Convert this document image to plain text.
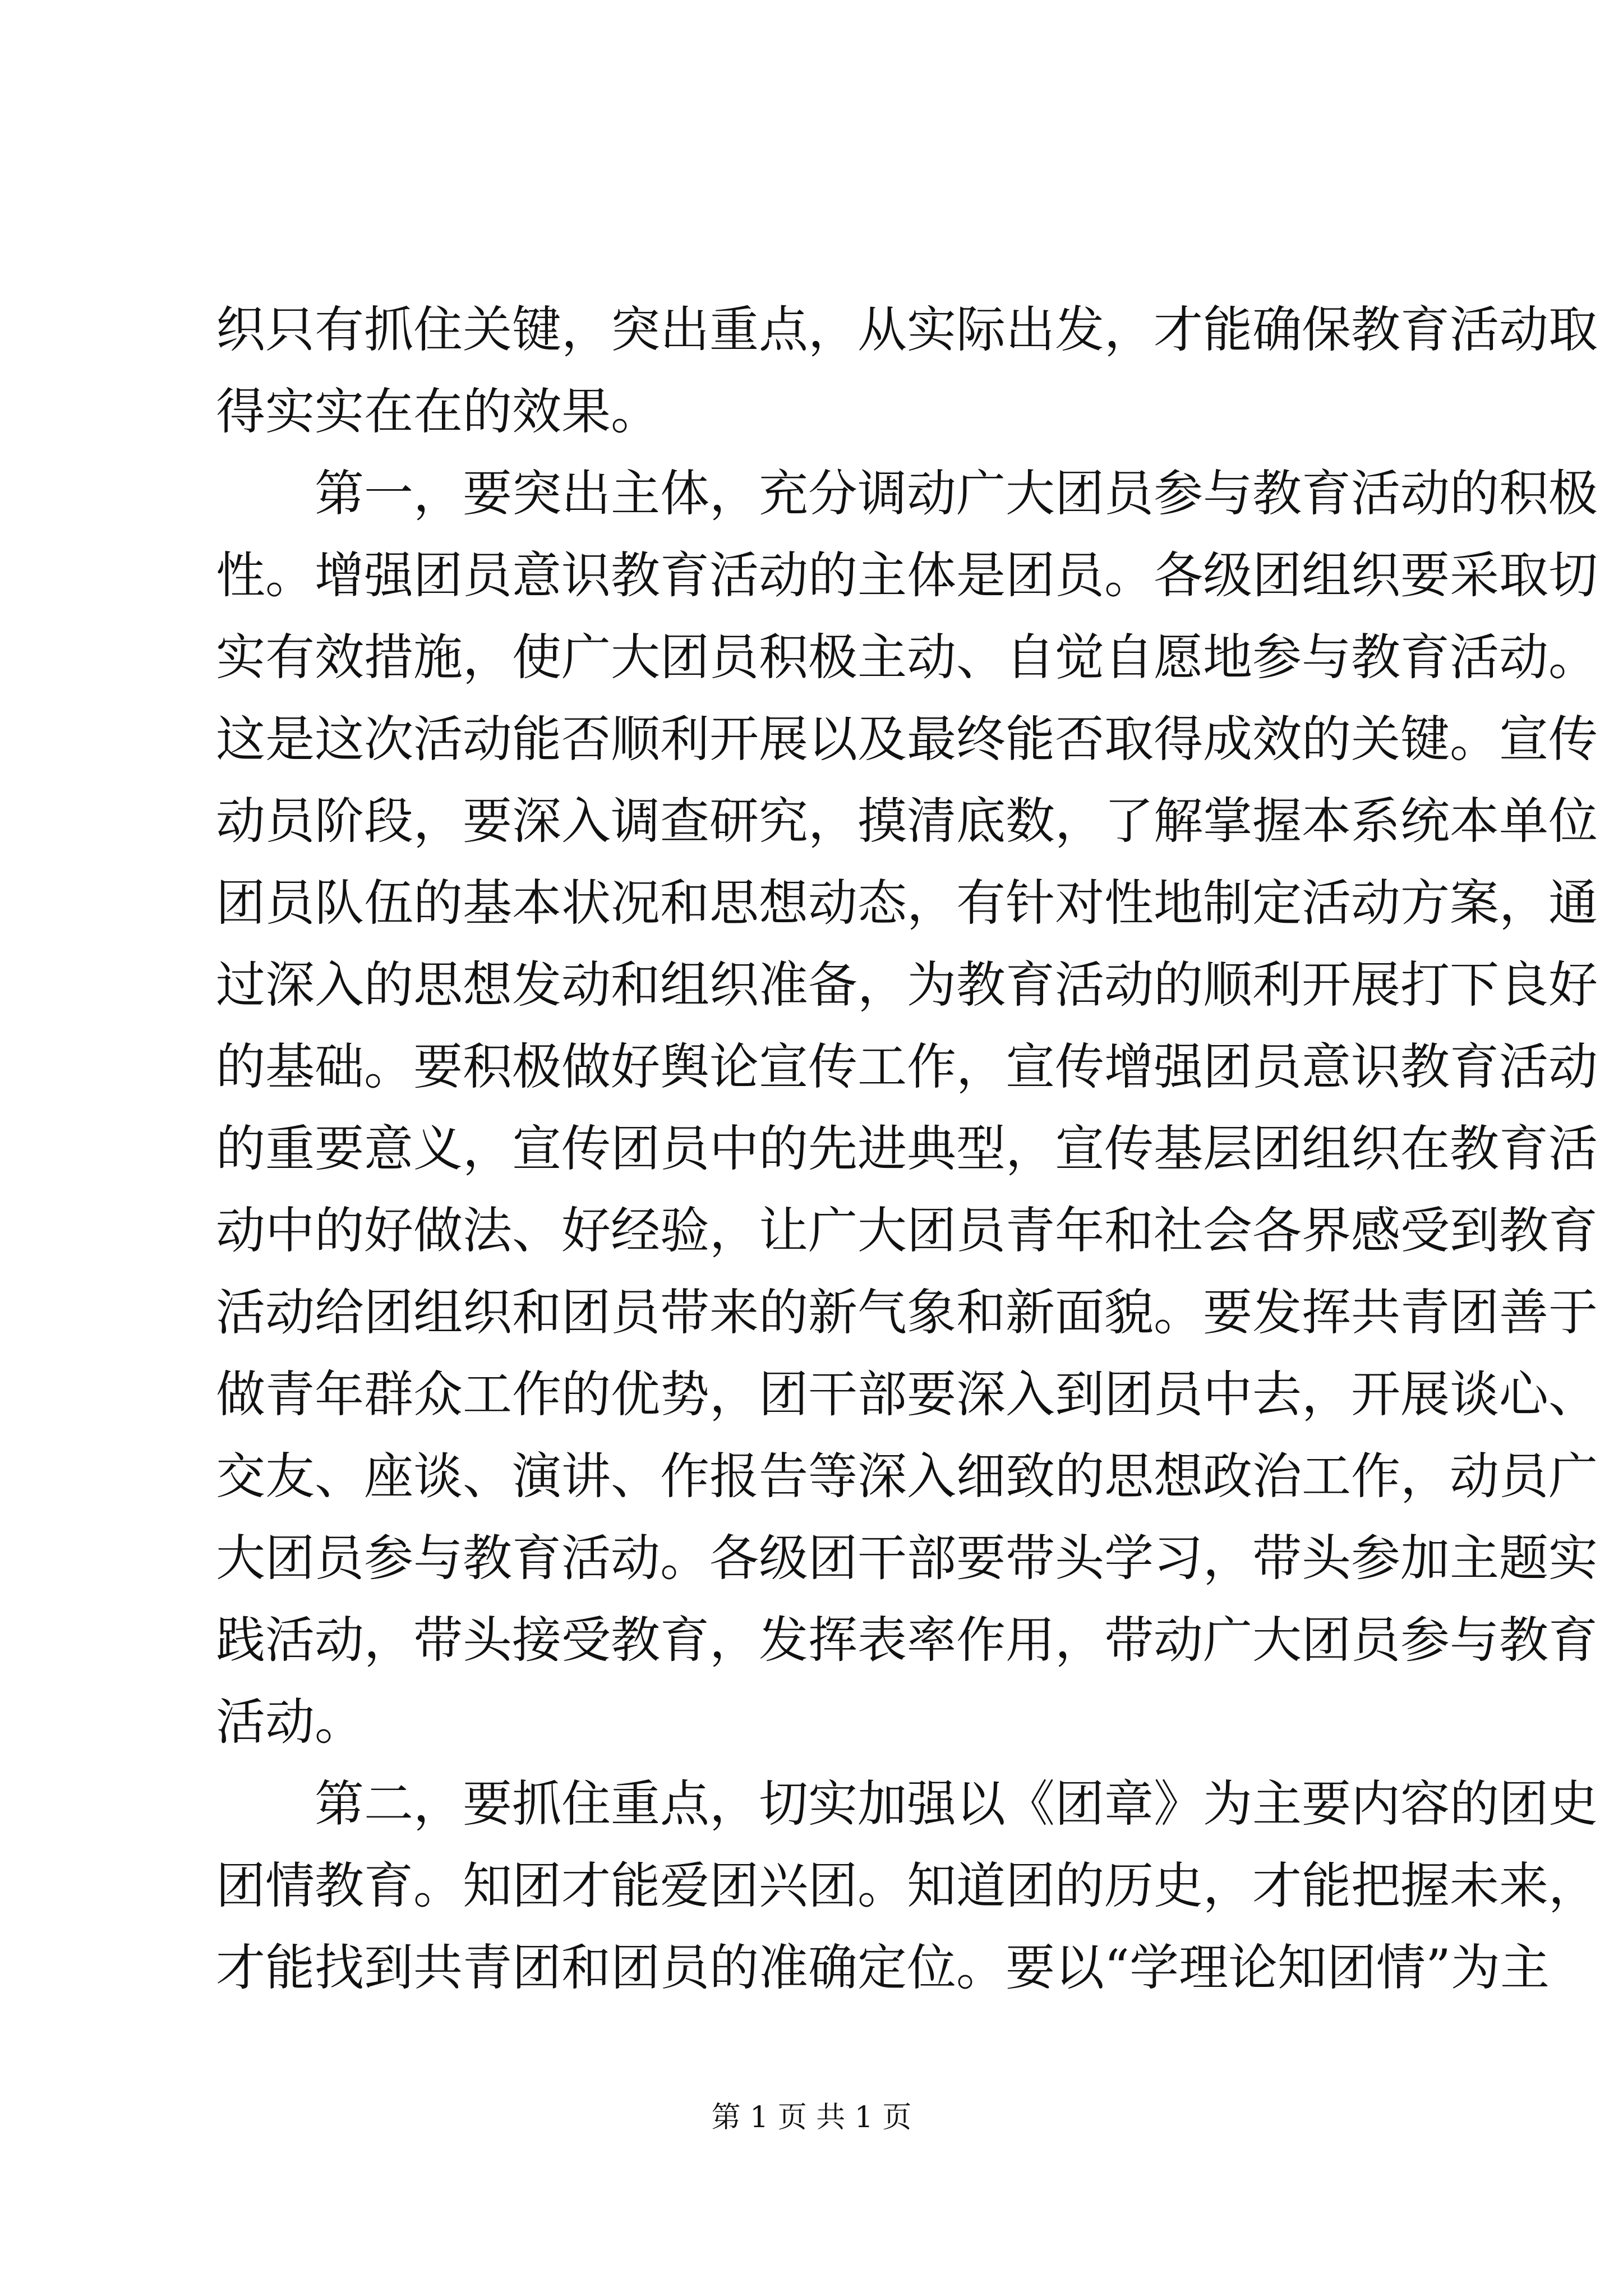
织只有抓住关键，突出重点，从实际出发，才能确保教育活动取
得实实在在的效果。
第一，要突出主体，充分调动广大团员参与教育活动的积极
性。增强团员意识教育活动的主体是团员。各级团组织要采取切
实有效措施，使广大团员积极主动、自觉自愿地参与教育活动。
这是这次活动能否顺利开展以及最终能否取得成效的关键。宣传
动员阶段，要深入调查研究，摸清底数，了解掌握本系统本单位
团员队伍的基本状况和思想动态，有针对性地制定活动方案，通
过深入的思想发动和组织准备，为教育活动的顺利开展打下良好
的基础。要积极做好舆论宣传工作，宣传增强团员意识教育活动
的重要意义，宣传团员中的先进典型，宣传基层团组织在教育活
动中的好做法、好经验，让广大团员青年和社会各界感受到教育
活动给团组织和团员带来的新气象和新面貌。要发挥共青团善于
做青年群众工作的优势，团干部要深入到团员中去，开展谈心、
交友、座谈、演讲、作报告等深入细致的思想政治工作，动员广
大团员参与教育活动。各级团干部要带头学习，带头参加主题实
践活动，带头接受教育，发挥表率作用，带动广大团员参与教育
活动。
第二，要抓住重点，切实加强以《团章》为主要内容的团史
团情教育。知团才能爱团兴团。知道团的历史，才能把握未来，
才能找到共青团和团员的准确定位。要以“学理论知团情”为主
第 1 页 共 1 页
